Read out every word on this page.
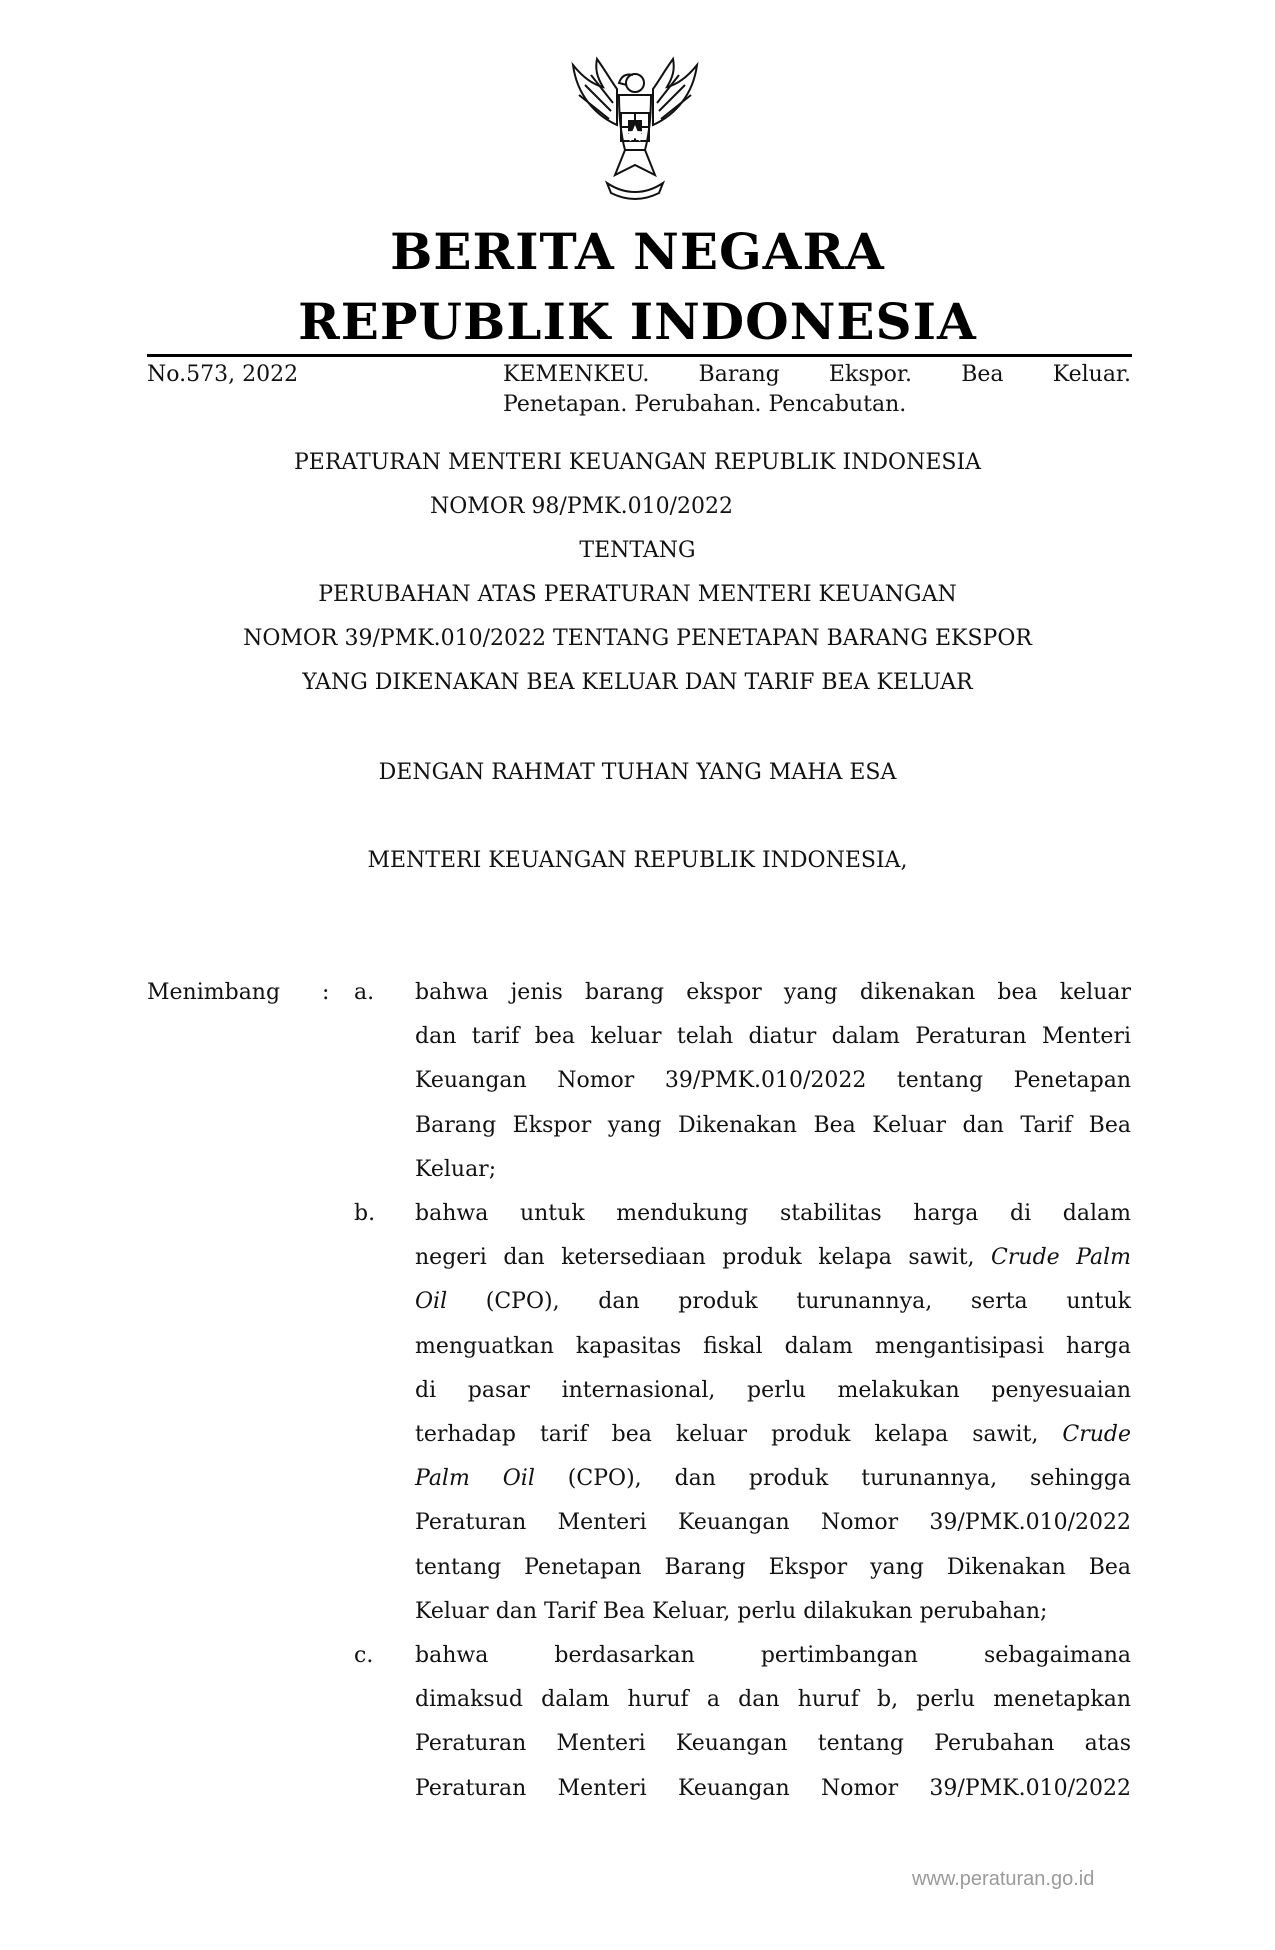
BERITA NEGARA
REPUBLIK INDONESIA
No.573, 2022	KEMENKEU. Barang Ekspor. Bea Keluar.
Penetapan. Perubahan. Pencabutan.
PERATURAN MENTERI KEUANGAN REPUBLIK INDONESIA
NOMOR 98/PMK.010/2022
TENTANG
PERUBAHAN ATAS PERATURAN MENTERI KEUANGAN
NOMOR 39/PMK.010/2022 TENTANG PENETAPAN BARANG EKSPOR
YANG DIKENAKAN BEA KELUAR DAN TARIF BEA KELUAR
DENGAN RAHMAT TUHAN YANG MAHA ESA
MENTERI KEUANGAN REPUBLIK INDONESIA,
Menimbang : a. bahwa jenis barang ekspor yang dikenakan bea keluar
dan tarif bea keluar telah diatur dalam Peraturan Menteri
Keuangan Nomor 39/PMK.010/2022 tentang Penetapan
Barang Ekspor yang Dikenakan Bea Keluar dan Tarif Bea
Keluar;
b. bahwa untuk mendukung stabilitas harga di dalam
negeri dan ketersediaan produk kelapa sawit, Crude Palm
Oil (CPO), dan produk turunannya, serta untuk
menguatkan kapasitas fiskal dalam mengantisipasi harga
di pasar internasional, perlu melakukan penyesuaian
terhadap tarif bea keluar produk kelapa sawit, Crude
Palm Oil (CPO), dan produk turunannya, sehingga
Peraturan Menteri Keuangan Nomor 39/PMK.010/2022
tentang Penetapan Barang Ekspor yang Dikenakan Bea
Keluar dan Tarif Bea Keluar, perlu dilakukan perubahan;
c. bahwa berdasarkan pertimbangan sebagaimana
dimaksud dalam huruf a dan huruf b, perlu menetapkan
Peraturan Menteri Keuangan tentang Perubahan atas
Peraturan Menteri Keuangan Nomor 39/PMK.010/2022
www.peraturan.go.id
